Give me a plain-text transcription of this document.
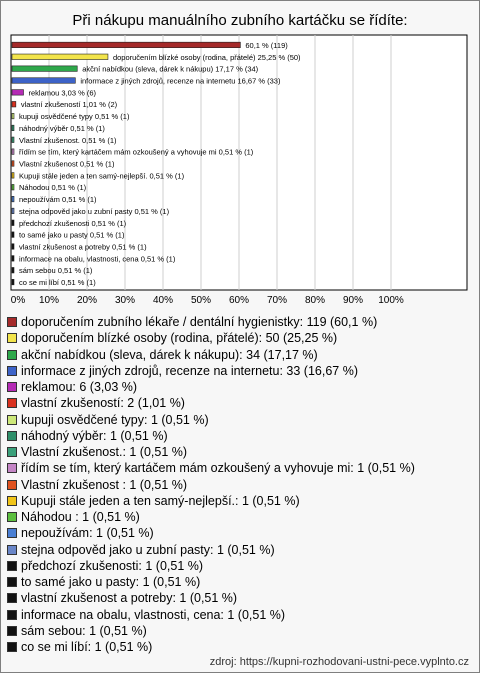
Při nákupu manuálního zubního kartáčku se řídíte:
0% 10% 20% 30% 40% 50% 60% 70% 80% 90% 100%
60,1 % (119)
doporučením blízké osoby (rodina, přátelé) 25,25 % (50)
akční nabídkou (sleva, dárek k nákupu) 17,17 % (34)
informace z jiných zdrojů, recenze na internetu 16,67 % (33)
reklamou 3,03 % (6)
vlastní zkušeností 1,01 % (2)
kupuji osvědčené typy 0,51 % (1)
náhodný výběr 0,51 % (1)
Vlastní zkušenost. 0,51 % (1)
řídím se tím, který kartáčem mám ozkoušený a vyhovuje mi 0,51 % (1)
Vlastní zkušenost 0,51 % (1)
Kupuji stále jeden a ten samý-nejlepší. 0,51 % (1)
Náhodou 0,51 % (1)
nepoužívám 0,51 % (1)
stejna odpověd jako u zubní pasty 0,51 % (1)
předchozí zkušenosti 0,51 % (1)
to samé jako u pasty 0,51 % (1)
vlastní zkušenost a potreby 0,51 % (1)
informace na obalu, vlastnosti, cena 0,51 % (1)
sám sebou 0,51 % (1)
co se mi líbí 0,51 % (1)
doporučením zubního lékaře / dentální hygienistky: 119 (60,1 %)
doporučením blízké osoby (rodina, přátelé): 50 (25,25 %)
akční nabídkou (sleva, dárek k nákupu): 34 (17,17 %)
informace z jiných zdrojů, recenze na internetu: 33 (16,67 %)
reklamou: 6 (3,03 %)
vlastní zkušeností: 2 (1,01 %)
kupuji osvědčené typy: 1 (0,51 %)
náhodný výběr: 1 (0,51 %)
Vlastní zkušenost.: 1 (0,51 %)
řídím se tím, který kartáčem mám ozkoušený a vyhovuje mi: 1 (0,51 %)
Vlastní zkušenost : 1 (0,51 %)
Kupuji stále jeden a ten samý-nejlepší.: 1 (0,51 %)
Náhodou : 1 (0,51 %)
nepoužívám: 1 (0,51 %)
stejna odpověd jako u zubní pasty: 1 (0,51 %)
předchozí zkušenosti: 1 (0,51 %)
to samé jako u pasty: 1 (0,51 %)
vlastní zkušenost a potreby: 1 (0,51 %)
informace na obalu, vlastnosti, cena: 1 (0,51 %)
sám sebou: 1 (0,51 %)
co se mi líbí: 1 (0,51 %)
zdroj: https://kupni-rozhodovani-ustni-pece.vyplnto.cz
